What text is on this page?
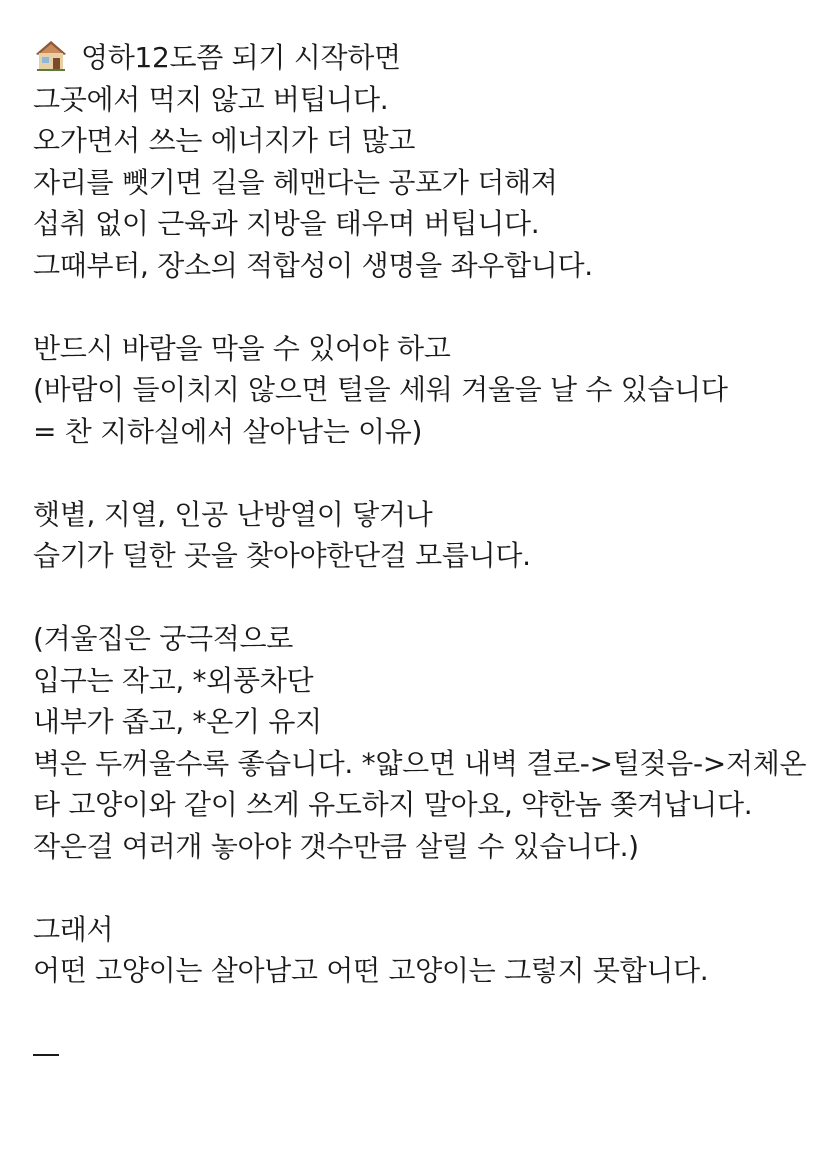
영하12도쯤 되기 시작하면
그곳에서 먹지 않고 버팁니다.
오가면서 쓰는 에너지가 더 많고
자리를 뺏기면 길을 헤맨다는 공포가 더해져
섭취 없이 근육과 지방을 태우며 버팁니다.
그때부터, 장소의 적합성이 생명을 좌우합니다.
반드시 바람을 막을 수 있어야 하고
(바람이 들이치지 않으면 털을 세워 겨울을 날 수 있습니다
= 찬 지하실에서 살아남는 이유)
햇볕, 지열, 인공 난방열이 닿거나
습기가 덜한 곳을 찾아야한단걸 모릅니다.
(겨울집은 궁극적으로
입구는 작고, *외풍차단
내부가 좁고, *온기 유지
벽은 두꺼울수록 좋습니다. *얇으면 내벽 결로->털젖음->저체온
타 고양이와 같이 쓰게 유도하지 말아요, 약한놈 쫒겨납니다.
작은걸 여러개 놓아야 갯수만큼 살릴 수 있습니다.)
그래서
어떤 고양이는 살아남고 어떤 고양이는 그렇지 못합니다.
